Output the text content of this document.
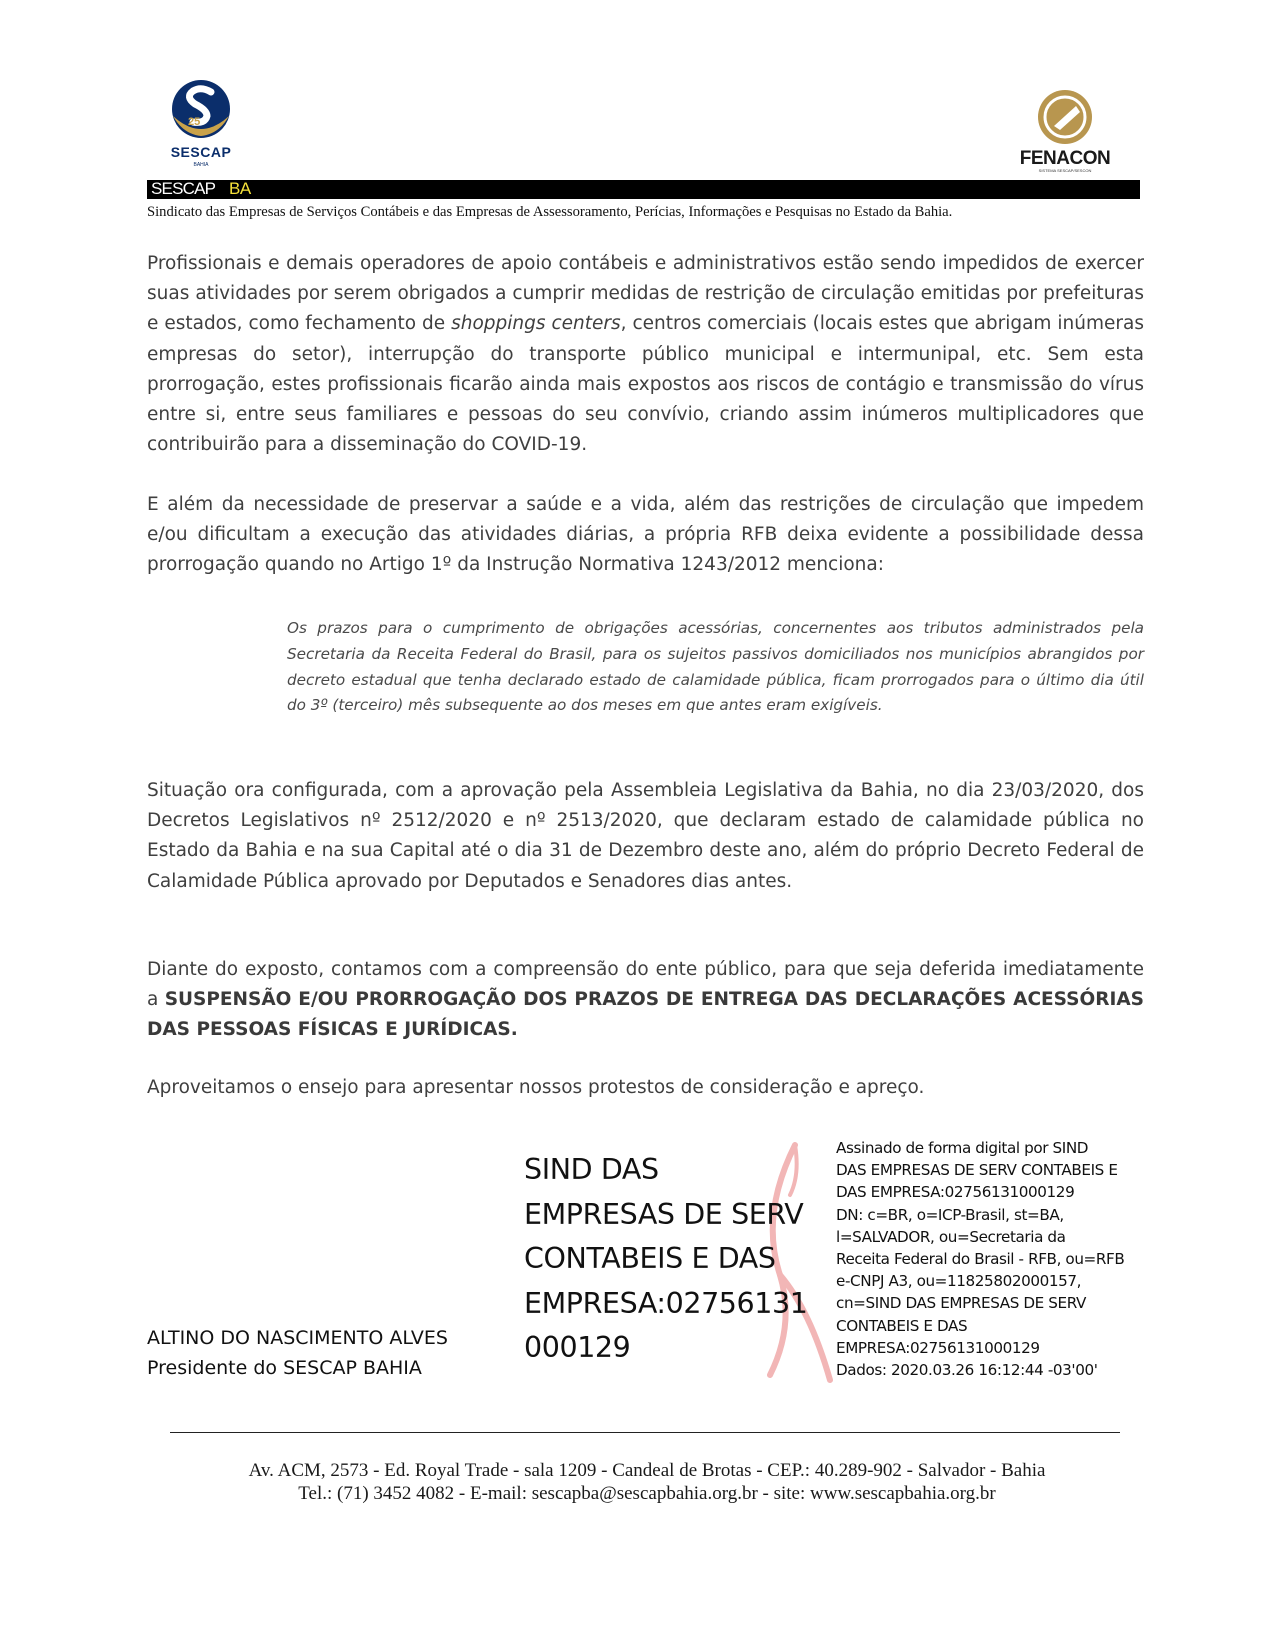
25
SESCAP
BAHIA	FENACON
SISTEMA SESCAP/SESCON
SESCAP BA
Sindicato das Empresas de Serviços Contábeis e das Empresas de Assessoramento, Perícias, Informações e Pesquisas no Estado da Bahia.
Profissionais e demais operadores de apoio contábeis e administrativos estão sendo impedidos de exercer suas atividades por serem obrigados a cumprir medidas de restrição de circulação emitidas por prefeituras e estados, como fechamento de shoppings centers, centros comerciais (locais estes que abrigam inúmeras empresas do setor), interrupção do transporte público municipal e intermunipal, etc. Sem esta prorrogação, estes profissionais ficarão ainda mais expostos aos riscos de contágio e transmissão do vírus entre si, entre seus familiares e pessoas do seu convívio, criando assim inúmeros multiplicadores que contribuirão para a disseminação do COVID-19.
E além da necessidade de preservar a saúde e a vida, além das restrições de circulação que impedem e/ou dificultam a execução das atividades diárias, a própria RFB deixa evidente a possibilidade dessa prorrogação quando no Artigo 1º da Instrução Normativa 1243/2012 menciona:
Os prazos para o cumprimento de obrigações acessórias, concernentes aos tributos administrados pela Secretaria da Receita Federal do Brasil, para os sujeitos passivos domiciliados nos municípios abrangidos por decreto estadual que tenha declarado estado de calamidade pública, ficam prorrogados para o último dia útil do 3º (terceiro) mês subsequente ao dos meses em que antes eram exigíveis.
Situação ora configurada, com a aprovação pela Assembleia Legislativa da Bahia, no dia 23/03/2020, dos Decretos Legislativos nº 2512/2020 e nº 2513/2020, que declaram estado de calamidade pública no Estado da Bahia e na sua Capital até o dia 31 de Dezembro deste ano, além do próprio Decreto Federal de Calamidade Pública aprovado por Deputados e Senadores dias antes.
Diante do exposto, contamos com a compreensão do ente público, para que seja deferida imediatamente a SUSPENSÃO E/OU PRORROGAÇÃO DOS PRAZOS DE ENTREGA DAS DECLARAÇÕES ACESSÓRIAS DAS PESSOAS FÍSICAS E JURÍDICAS.
Aproveitamos o ensejo para apresentar nossos protestos de consideração e apreço.
ALTINO DO NASCIMENTO ALVES
Presidente do SESCAP BAHIA
SIND DAS
EMPRESAS DE SERV
CONTABEIS E DAS
EMPRESA:02756131
000129
Assinado de forma digital por SIND
DAS EMPRESAS DE SERV CONTABEIS E
DAS EMPRESA:02756131000129
DN: c=BR, o=ICP-Brasil, st=BA,
l=SALVADOR, ou=Secretaria da
Receita Federal do Brasil - RFB, ou=RFB
e-CNPJ A3, ou=11825802000157,
cn=SIND DAS EMPRESAS DE SERV
CONTABEIS E DAS
EMPRESA:02756131000129
Dados: 2020.03.26 16:12:44 -03'00'
Av. ACM, 2573 - Ed. Royal Trade - sala 1209 - Candeal de Brotas - CEP.: 40.289-902 - Salvador - Bahia
Tel.: (71) 3452 4082 - E-mail: sescapba@sescapbahia.org.br - site: www.sescapbahia.org.br
